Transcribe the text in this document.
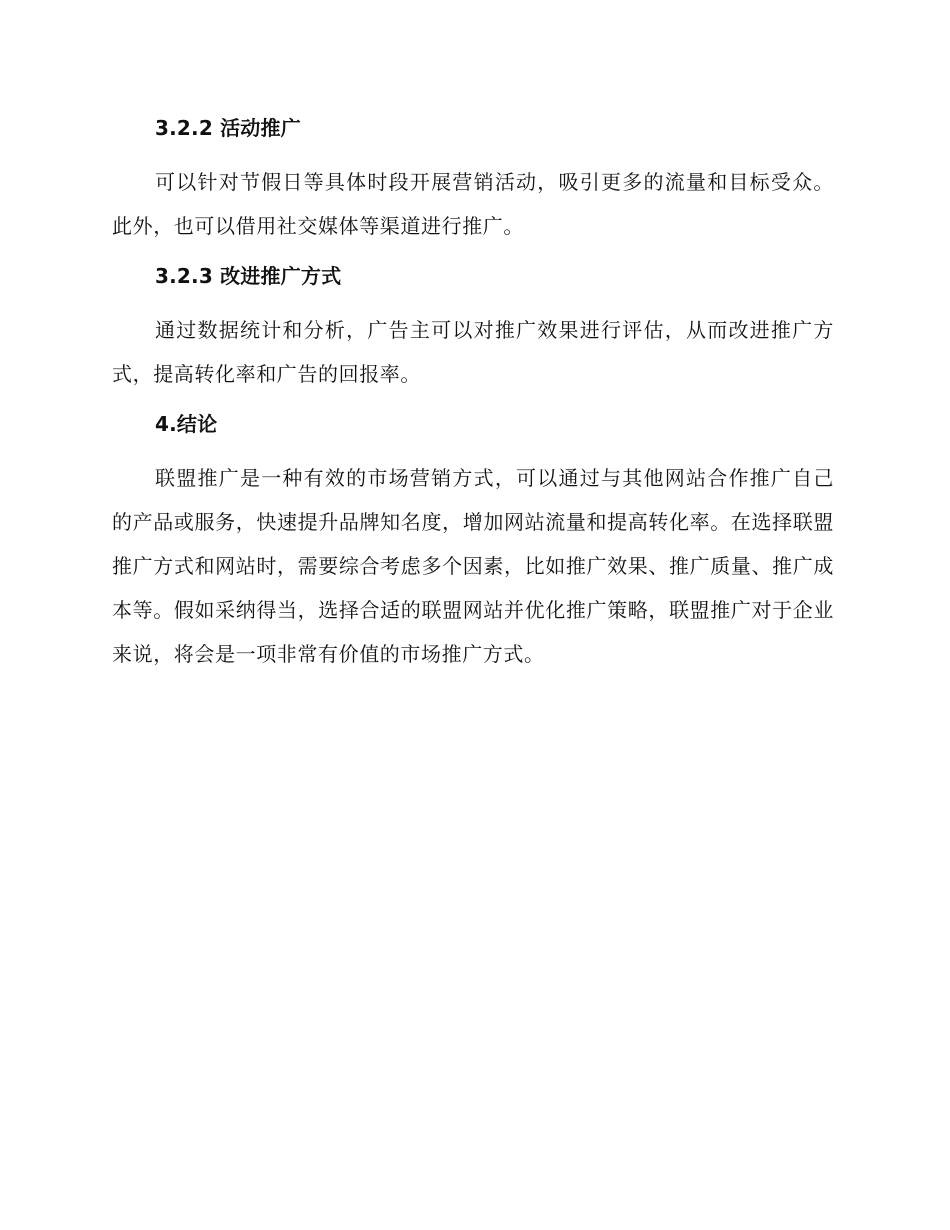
3.2.2 活动推广

可以针对节假日等具体时段开展营销活动，吸引更多的流量和目标受众。此外，也可以借用社交媒体等渠道进行推广。

3.2.3 改进推广方式

通过数据统计和分析，广告主可以对推广效果进行评估，从而改进推广方式，提高转化率和广告的回报率。

4.结论

联盟推广是一种有效的市场营销方式，可以通过与其他网站合作推广自己的产品或服务，快速提升品牌知名度，增加网站流量和提高转化率。在选择联盟推广方式和网站时，需要综合考虑多个因素，比如推广效果、推广质量、推广成本等。假如采纳得当，选择合适的联盟网站并优化推广策略，联盟推广对于企业来说，将会是一项非常有价值的市场推广方式。
